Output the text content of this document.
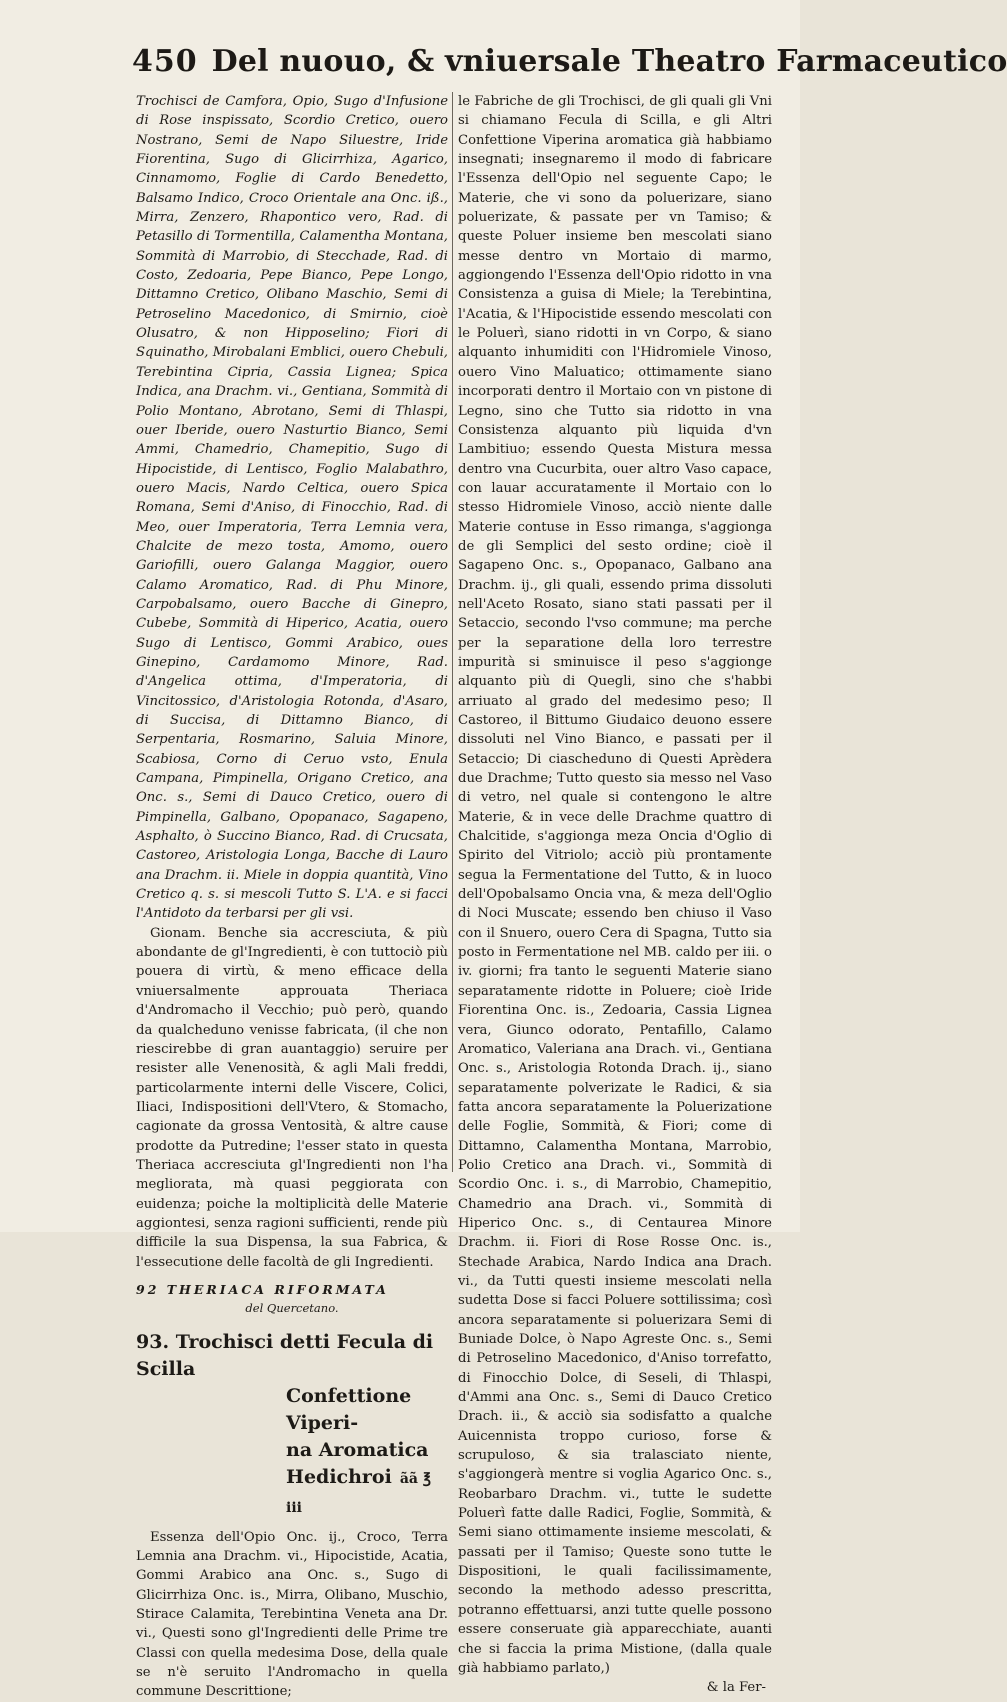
450 Del nuouo, & vniuersale Theatro Farmaceutico

Trochisci de Camfora, Opio, Sugo d'Infusione di Rose inspissato, Scordio Cretico, ouero Nostrano, Semi de Napo Siluestre, Iride Fiorentina, Sugo di Glicirrhiza, Agarico, Cinnamomo, Foglie di Cardo Benedetto, Balsamo Indico, Croco Orientale ana Onc. iß., Mirra, Zenzero, Rhapontico vero, Rad. di Petasillo di Tormentilla, Calamentha Montana, Sommità di Marrobio, di Stecchade, Rad. di Costo, Zedoaria, Pepe Bianco, Pepe Longo, Dittamno Cretico, Olibano Maschio, Semi di Petroselino Macedonico, di Smirnio, cioè Olusatro, & non Hipposelino; Fiori di Squinatho, Mirobalani Emblici, ouero Chebuli, Terebintina Cipria, Cassia Lignea; Spica Indica, ana Drachm. vi., Gentiana, Sommità di Polio Montano, Abrotano, Semi di Thlaspi, ouer Iberide, ouero Nasturtio Bianco, Semi Ammi, Chamedrio, Chamepitio, Sugo di Hipocistide, di Lentisco, Foglio Malabathro, ouero Macis, Nardo Celtica, ouero Spica Romana, Semi d'Aniso, di Finocchio, Rad. di Meo, ouer Imperatoria, Terra Lemnia vera, Chalcite de mezo tosta, Amomo, ouero Gariofilli, ouero Galanga Maggior, ouero Calamo Aromatico, Rad. di Phu Minore, Carpobalsamo, ouero Bacche di Ginepro, Cubebe, Sommità di Hiperico, Acatia, ouero Sugo di Lentisco, Gommi Arabico, oues Ginepino, Cardamomo Minore, Rad. d'Angelica ottima, d'Imperatoria, di Vincitossico, d'Aristologia Rotonda, d'Asaro, di Succisa, di Dittamno Bianco, di Serpentaria, Rosmarino, Saluia Minore, Scabiosa, Corno di Ceruo vsto, Enula Campana, Pimpinella, Origano Cretico, ana Onc. s., Semi di Dauco Cretico, ouero di Pimpinella, Galbano, Opopanaco, Sagapeno, Asphalto, ò Succino Bianco, Rad. di Crucsata, Castoreo, Aristologia Longa, Bacche di Lauro ana Drachm. ii. Miele in doppia quantità, Vino Cretico q. s. si mescoli Tutto S. L'A. e si facci l'Antidoto da terbarsi per gli vsi.

Gionam. Benche sia accresciuta, & più abondante de gl'Ingredienti, è con tuttociò più pouera di virtù, & meno efficace della vniuersalmente approuata Theriaca d'Andromacho il Vecchio; può però, quando da qualcheduno venisse fabricata, (il che non riescirebbe di gran auantaggio) seruire per resister alle Venenosità, & agli Mali freddi, particolarmente interni delle Viscere, Colici, Iliaci, Indispositioni dell'Vtero, & Stomacho, cagionate da grossa Ventosità, & altre cause prodotte da Putredine; l'esser stato in questa Theriaca accresciuta gl'Ingredienti non l'ha megliorata, mà quasi peggiorata con euidenza; poiche la moltiplicità delle Materie aggiontesi, senza ragioni sufficienti, rende più difficile la sua Dispensa, la sua Fabrica, & l'essecutione delle facoltà de gli Ingredienti.

92 THERIACA RIFORMATA
del Quercetano.
93. Trochisci detti Fecula di Scilla
Confettione Viperi-
na Aromatica
Hedichroi ãã ℥ iii

Essenza dell'Opio Onc. ij., Croco, Terra Lemnia ana Drachm. vi., Hipocistide, Acatia, Gommi Arabico ana Onc. s., Sugo di Glicirrhiza Onc. is., Mirra, Olibano, Muschio, Stirace Calamita, Terebintina Veneta ana Dr. vi., Questi sono gl'Ingredienti delle Prime tre Classi con quella medesima Dose, della quale se n'è seruito l'Andromacho in quella commune Descrittione;

le Fabriche de gli Trochisci, de gli quali gli Vni si chiamano Fecula di Scilla, e gli Altri Confettione Viperina aromatica già habbiamo insegnati; insegnaremo il modo di fabricare l'Essenza dell'Opio nel seguente Capo; le Materie, che vi sono da poluerizare, siano poluerizate, & passate per vn Tamiso; & queste Poluer insieme ben mescolati siano messe dentro vn Mortaio di marmo, aggiongendo l'Essenza dell'Opio ridotto in vna Consistenza a guisa di Miele; la Terebintina, l'Acatia, & l'Hipocistide essendo mescolati con le Poluerì, siano ridotti in vn Corpo, & siano alquanto inhumiditi con l'Hidromiele Vinoso, ouero Vino Maluatico; ottimamente siano incorporati dentro il Mortaio con vn pistone di Legno, sino che Tutto sia ridotto in vna Consistenza alquanto più liquida d'vn Lambitiuo; essendo Questa Mistura messa dentro vna Cucurbita, ouer altro Vaso capace, con lauar accuratamente il Mortaio con lo stesso Hidromiele Vinoso, acciò niente dalle Materie contuse in Esso rimanga, s'aggionga de gli Semplici del sesto ordine; cioè il Sagapeno Onc. s., Opopanaco, Galbano ana Drachm. ij., gli quali, essendo prima dissoluti nell'Aceto Rosato, siano stati passati per il Setaccio, secondo l'vso commune; ma perche per la separatione della loro terrestre impurità si sminuisce il peso s'aggionge alquanto più di Quegli, sino che s'habbi arriuato al grado del medesimo peso; Il Castoreo, il Bittumo Giudaico deuono essere dissoluti nel Vino Bianco, e passati per il Setaccio; Di ciascheduno di Questi Aprèdera due Drachme; Tutto questo sia messo nel Vaso di vetro, nel quale si contengono le altre Materie, & in vece delle Drachme quattro di Chalcitide, s'aggionga meza Oncia d'Oglio di Spirito del Vitriolo; acciò più prontamente segua la Fermentatione del Tutto, & in luoco dell'Opobalsamo Oncia vna, & meza dell'Oglio di Noci Muscate; essendo ben chiuso il Vaso con il Snuero, ouero Cera di Spagna, Tutto sia posto in Fermentatione nel MB. caldo per iii. o iv. giorni; fra tanto le seguenti Materie siano separatamente ridotte in Poluere; cioè Iride Fiorentina Onc. is., Zedoaria, Cassia Lignea vera, Giunco odorato, Pentafillo, Calamo Aromatico, Valeriana ana Drach. vi., Gentiana Onc. s., Aristologia Rotonda Drach. ij., siano separatamente polverizate le Radici, & sia fatta ancora separatamente la Poluerizatione delle Foglie, Sommità, & Fiori; come di Dittamno, Calamentha Montana, Marrobio, Polio Cretico ana Drach. vi., Sommità di Scordio Onc. i. s., di Marrobio, Chamepitio, Chamedrio ana Drach. vi., Sommità di Hiperico Onc. s., di Centaurea Minore Drachm. ii. Fiori di Rose Rosse Onc. is., Stechade Arabica, Nardo Indica ana Drach. vi., da Tutti questi insieme mescolati nella sudetta Dose si facci Poluere sottilissima; così ancora separatamente si poluerizara Semi di Buniade Dolce, ò Napo Agreste Onc. s., Semi di Petroselino Macedonico, d'Aniso torrefatto, di Finocchio Dolce, di Seseli, di Thlaspi, d'Ammi ana Onc. s., Semi di Dauco Cretico Drach. ii., & acciò sia sodisfatto a qualche Auicennista troppo curioso, forse & scrupuloso, & sia tralasciato niente, s'aggiongerà mentre si voglia Agarico Onc. s., Reobarbaro Drachm. vi., tutte le sudette Poluerì fatte dalle Radici, Foglie, Sommità, & Semi siano ottimamente insieme mescolati, & passati per il Tamiso; Queste sono tutte le Dispositioni, le quali facilissimamente, secondo la methodo adesso prescritta, potranno effettuarsi, anzi tutte quelle possono essere conseruate già apparecchiate, auanti che si faccia la prima Mistione, (dalla quale già habbiamo parlato,)

& la Fer-
